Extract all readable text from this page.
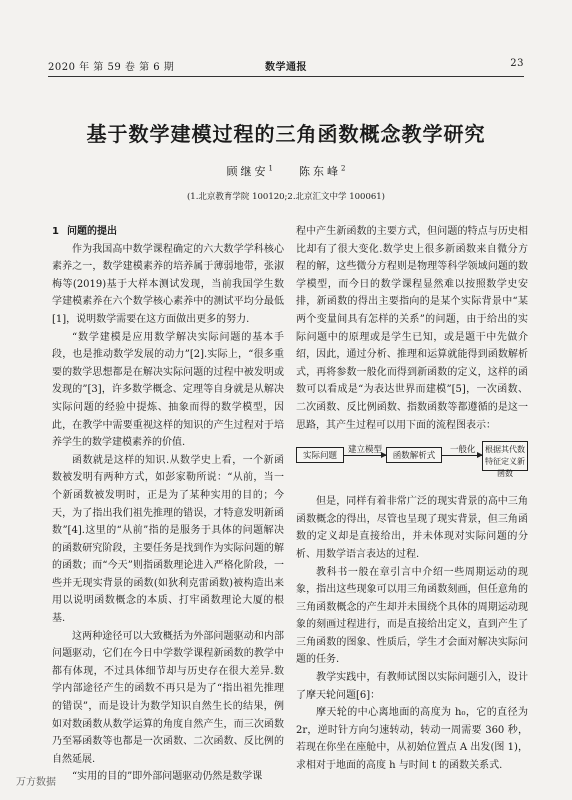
2020 年 第 59 卷 第 6 期	数学通报	23
基于数学建模过程的三角函数概念教学研究
顾继安$^1$ 陈东峰$^2$
(1.北京教育学院 100120;2.北京汇文中学 100061)

1 问题的提出

作为我国高中数学课程确定的六大数学学科核心素养之一，数学建模素养的培养属于薄弱地带，张淑梅等(2019)基于大样本测试发现，当前我国学生数学建模素养在六个数学核心素养中的测试平均分最低[1]，说明数学需要在这方面做出更多的努力.

“数学建模是应用数学解决实际问题的基本手段，也是推动数学发展的动力”[2].实际上，“很多重要的数学思想都是在解决实际问题的过程中被发明或发现的”[3]，许多数学概念、定理等自身就是从解决实际问题的经验中提炼、抽象而得的数学模型，因此，在教学中需要重视这样的知识的产生过程对于培养学生的数学建模素养的价值.

函数就是这样的知识.从数学史上看，一个新函数被发明有两种方式，如彭家勒所说：“从前，当一个新函数被发明时，正是为了某种实用的目的；今天，为了指出我们祖先推理的错误，才特意发明新函数”[4].这里的“从前”指的是服务于具体的问题解决的函数研究阶段，主要任务是找到作为实际问题的解的函数；而“今天”则指函数理论进入严格化阶段，一些并无现实背景的函数(如狄利克雷函数)被构造出来用以说明函数概念的本质、打牢函数理论大厦的根基.

这两种途径可以大致概括为外部问题驱动和内部问题驱动，它们在今日中学数学课程新函数的教学中都有体现，不过具体细节却与历史存在很大差异.数学内部途径产生的函数不再只是为了“指出祖先推理的错误”，而是设计为数学知识自然生长的结果，例如对数函数从数学运算的角度自然产生，而三次函数乃至幂函数等也都是一次函数、二次函数、反比例的自然延展.

“实用的目的”即外部问题驱动仍然是数学课

程中产生新函数的主要方式，但问题的特点与历史相比却有了很大变化.数学史上很多新函数来自微分方程的解，这些微分方程则是物理等科学领域问题的数学模型，而今日的数学课程显然难以按照数学史安排，新函数的得出主要指向的是某个实际背景中“某两个变量间具有怎样的关系”的问题，由于给出的实际问题中的原理或是学生已知，或是题干中先做介绍，因此，通过分析、推理和运算就能得到函数解析式，再将参数一般化而得到新函数的定义，这样的函数可以看成是“为表达世界而建模”[5]，一次函数、二次函数、反比例函数、指数函数等都遵循的是这一思路，其产生过程可以用下面的流程图表示：

实际问题
建立模型
函数解析式
一般化	根据其代数特征定义新函数

但是，同样有着非常广泛的现实背景的高中三角函数概念的得出，尽管也呈现了现实背景，但三角函数的定义却是直接给出，并未体现对实际问题的分析、用数学语言表达的过程.

教科书一般在章引言中介绍一些周期运动的现象，指出这些现象可以用三角函数刻画，但任意角的三角函数概念的产生却并未围绕个具体的周期运动现象的刻画过程进行，而是直接给出定义，直到产生了三角函数的图象、性质后，学生才会面对解决实际问题的任务.

教学实践中，有教师试图以实际问题引入，设计了摩天轮问题[6]：

摩天轮的中心离地面的高度为 h₀，它的直径为 2r，逆时针方向匀速转动，转动一周需要 360 秒，若现在你坐在座舱中，从初始位置点 A 出发(图 1)，求相对于地面的高度 h 与时间 t 的函数关系式.

万方数据
